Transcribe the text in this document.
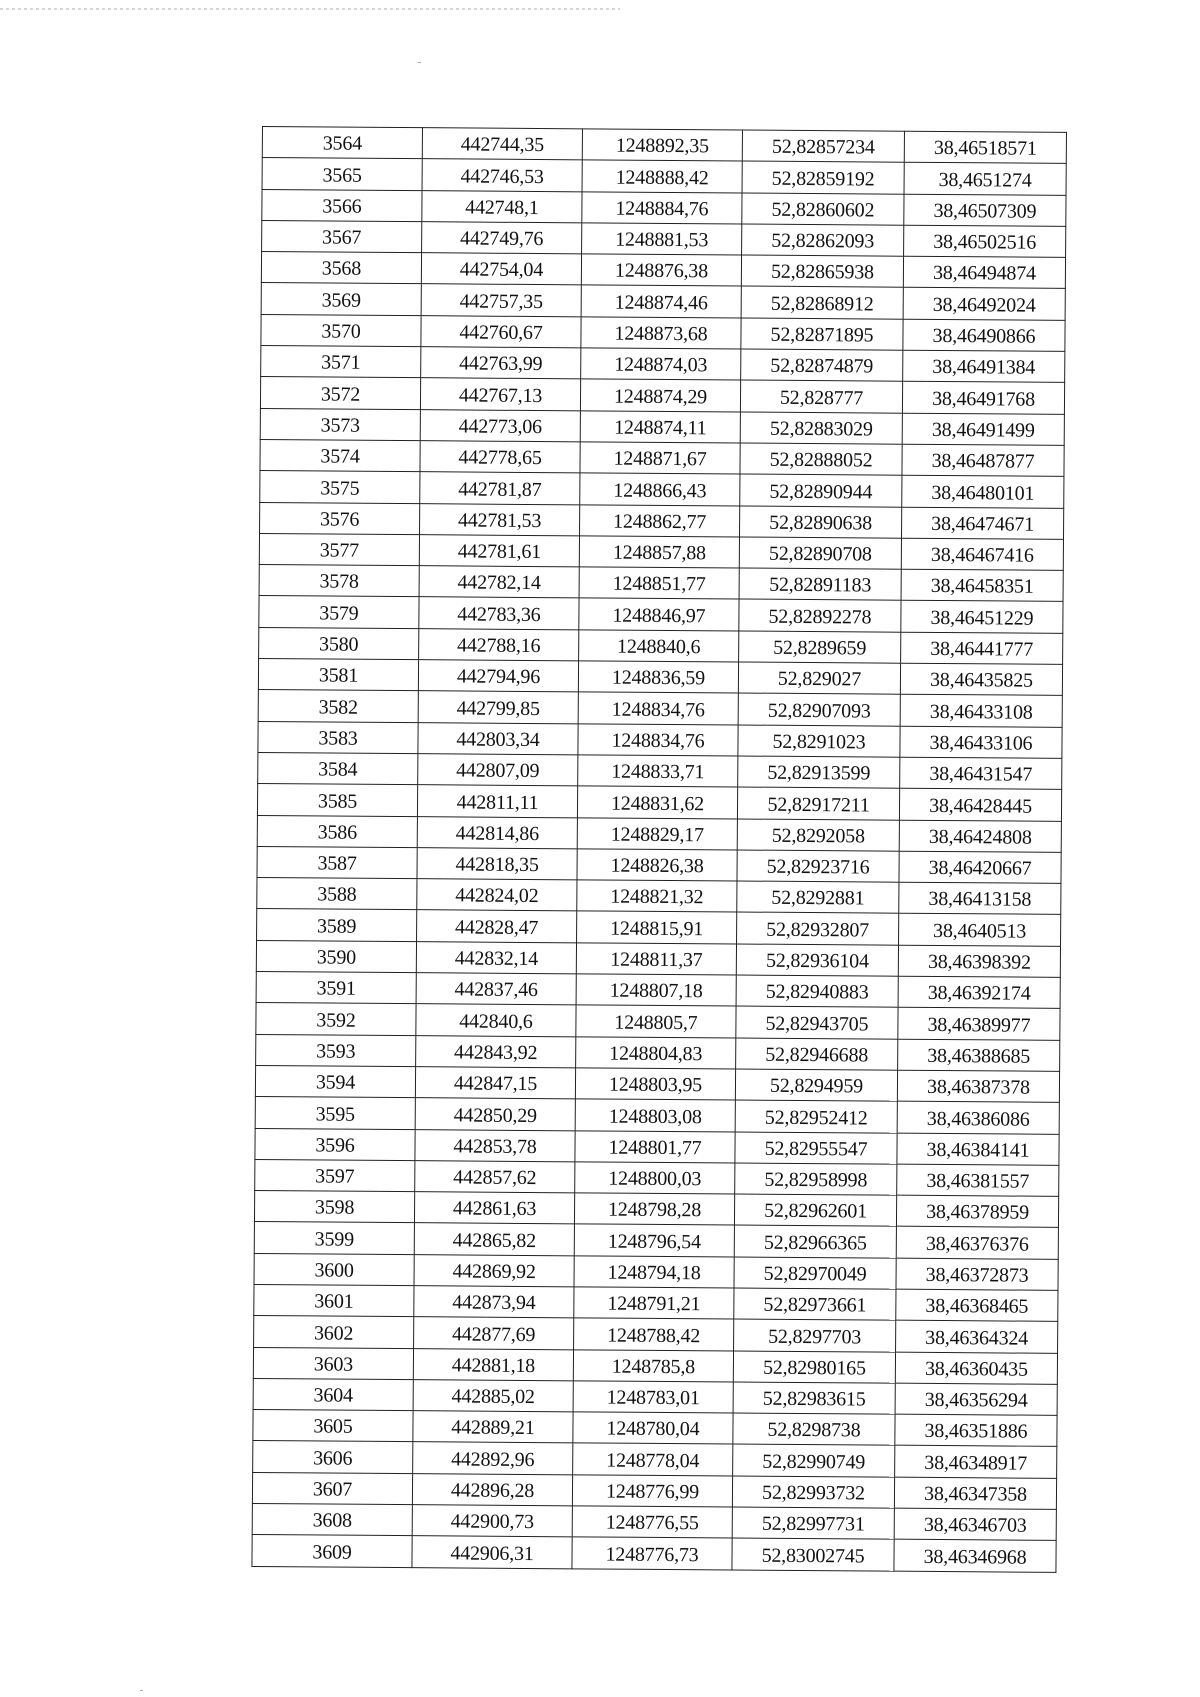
3564	442744,35	1248892,35	52,82857234	38,46518571
3565	442746,53	1248888,42	52,82859192	38,4651274
3566	442748,1	1248884,76	52,82860602	38,46507309
3567	442749,76	1248881,53	52,82862093	38,46502516
3568	442754,04	1248876,38	52,82865938	38,46494874
3569	442757,35	1248874,46	52,82868912	38,46492024
3570	442760,67	1248873,68	52,82871895	38,46490866
3571	442763,99	1248874,03	52,82874879	38,46491384
3572	442767,13	1248874,29	52,828777	38,46491768
3573	442773,06	1248874,11	52,82883029	38,46491499
3574	442778,65	1248871,67	52,82888052	38,46487877
3575	442781,87	1248866,43	52,82890944	38,46480101
3576	442781,53	1248862,77	52,82890638	38,46474671
3577	442781,61	1248857,88	52,82890708	38,46467416
3578	442782,14	1248851,77	52,82891183	38,46458351
3579	442783,36	1248846,97	52,82892278	38,46451229
3580	442788,16	1248840,6	52,8289659	38,46441777
3581	442794,96	1248836,59	52,829027	38,46435825
3582	442799,85	1248834,76	52,82907093	38,46433108
3583	442803,34	1248834,76	52,8291023	38,46433106
3584	442807,09	1248833,71	52,82913599	38,46431547
3585	442811,11	1248831,62	52,82917211	38,46428445
3586	442814,86	1248829,17	52,8292058	38,46424808
3587	442818,35	1248826,38	52,82923716	38,46420667
3588	442824,02	1248821,32	52,8292881	38,46413158
3589	442828,47	1248815,91	52,82932807	38,4640513
3590	442832,14	1248811,37	52,82936104	38,46398392
3591	442837,46	1248807,18	52,82940883	38,46392174
3592	442840,6	1248805,7	52,82943705	38,46389977
3593	442843,92	1248804,83	52,82946688	38,46388685
3594	442847,15	1248803,95	52,8294959	38,46387378
3595	442850,29	1248803,08	52,82952412	38,46386086
3596	442853,78	1248801,77	52,82955547	38,46384141
3597	442857,62	1248800,03	52,82958998	38,46381557
3598	442861,63	1248798,28	52,82962601	38,46378959
3599	442865,82	1248796,54	52,82966365	38,46376376
3600	442869,92	1248794,18	52,82970049	38,46372873
3601	442873,94	1248791,21	52,82973661	38,46368465
3602	442877,69	1248788,42	52,8297703	38,46364324
3603	442881,18	1248785,8	52,82980165	38,46360435
3604	442885,02	1248783,01	52,82983615	38,46356294
3605	442889,21	1248780,04	52,8298738	38,46351886
3606	442892,96	1248778,04	52,82990749	38,46348917
3607	442896,28	1248776,99	52,82993732	38,46347358
3608	442900,73	1248776,55	52,82997731	38,46346703
3609	442906,31	1248776,73	52,83002745	38,46346968
